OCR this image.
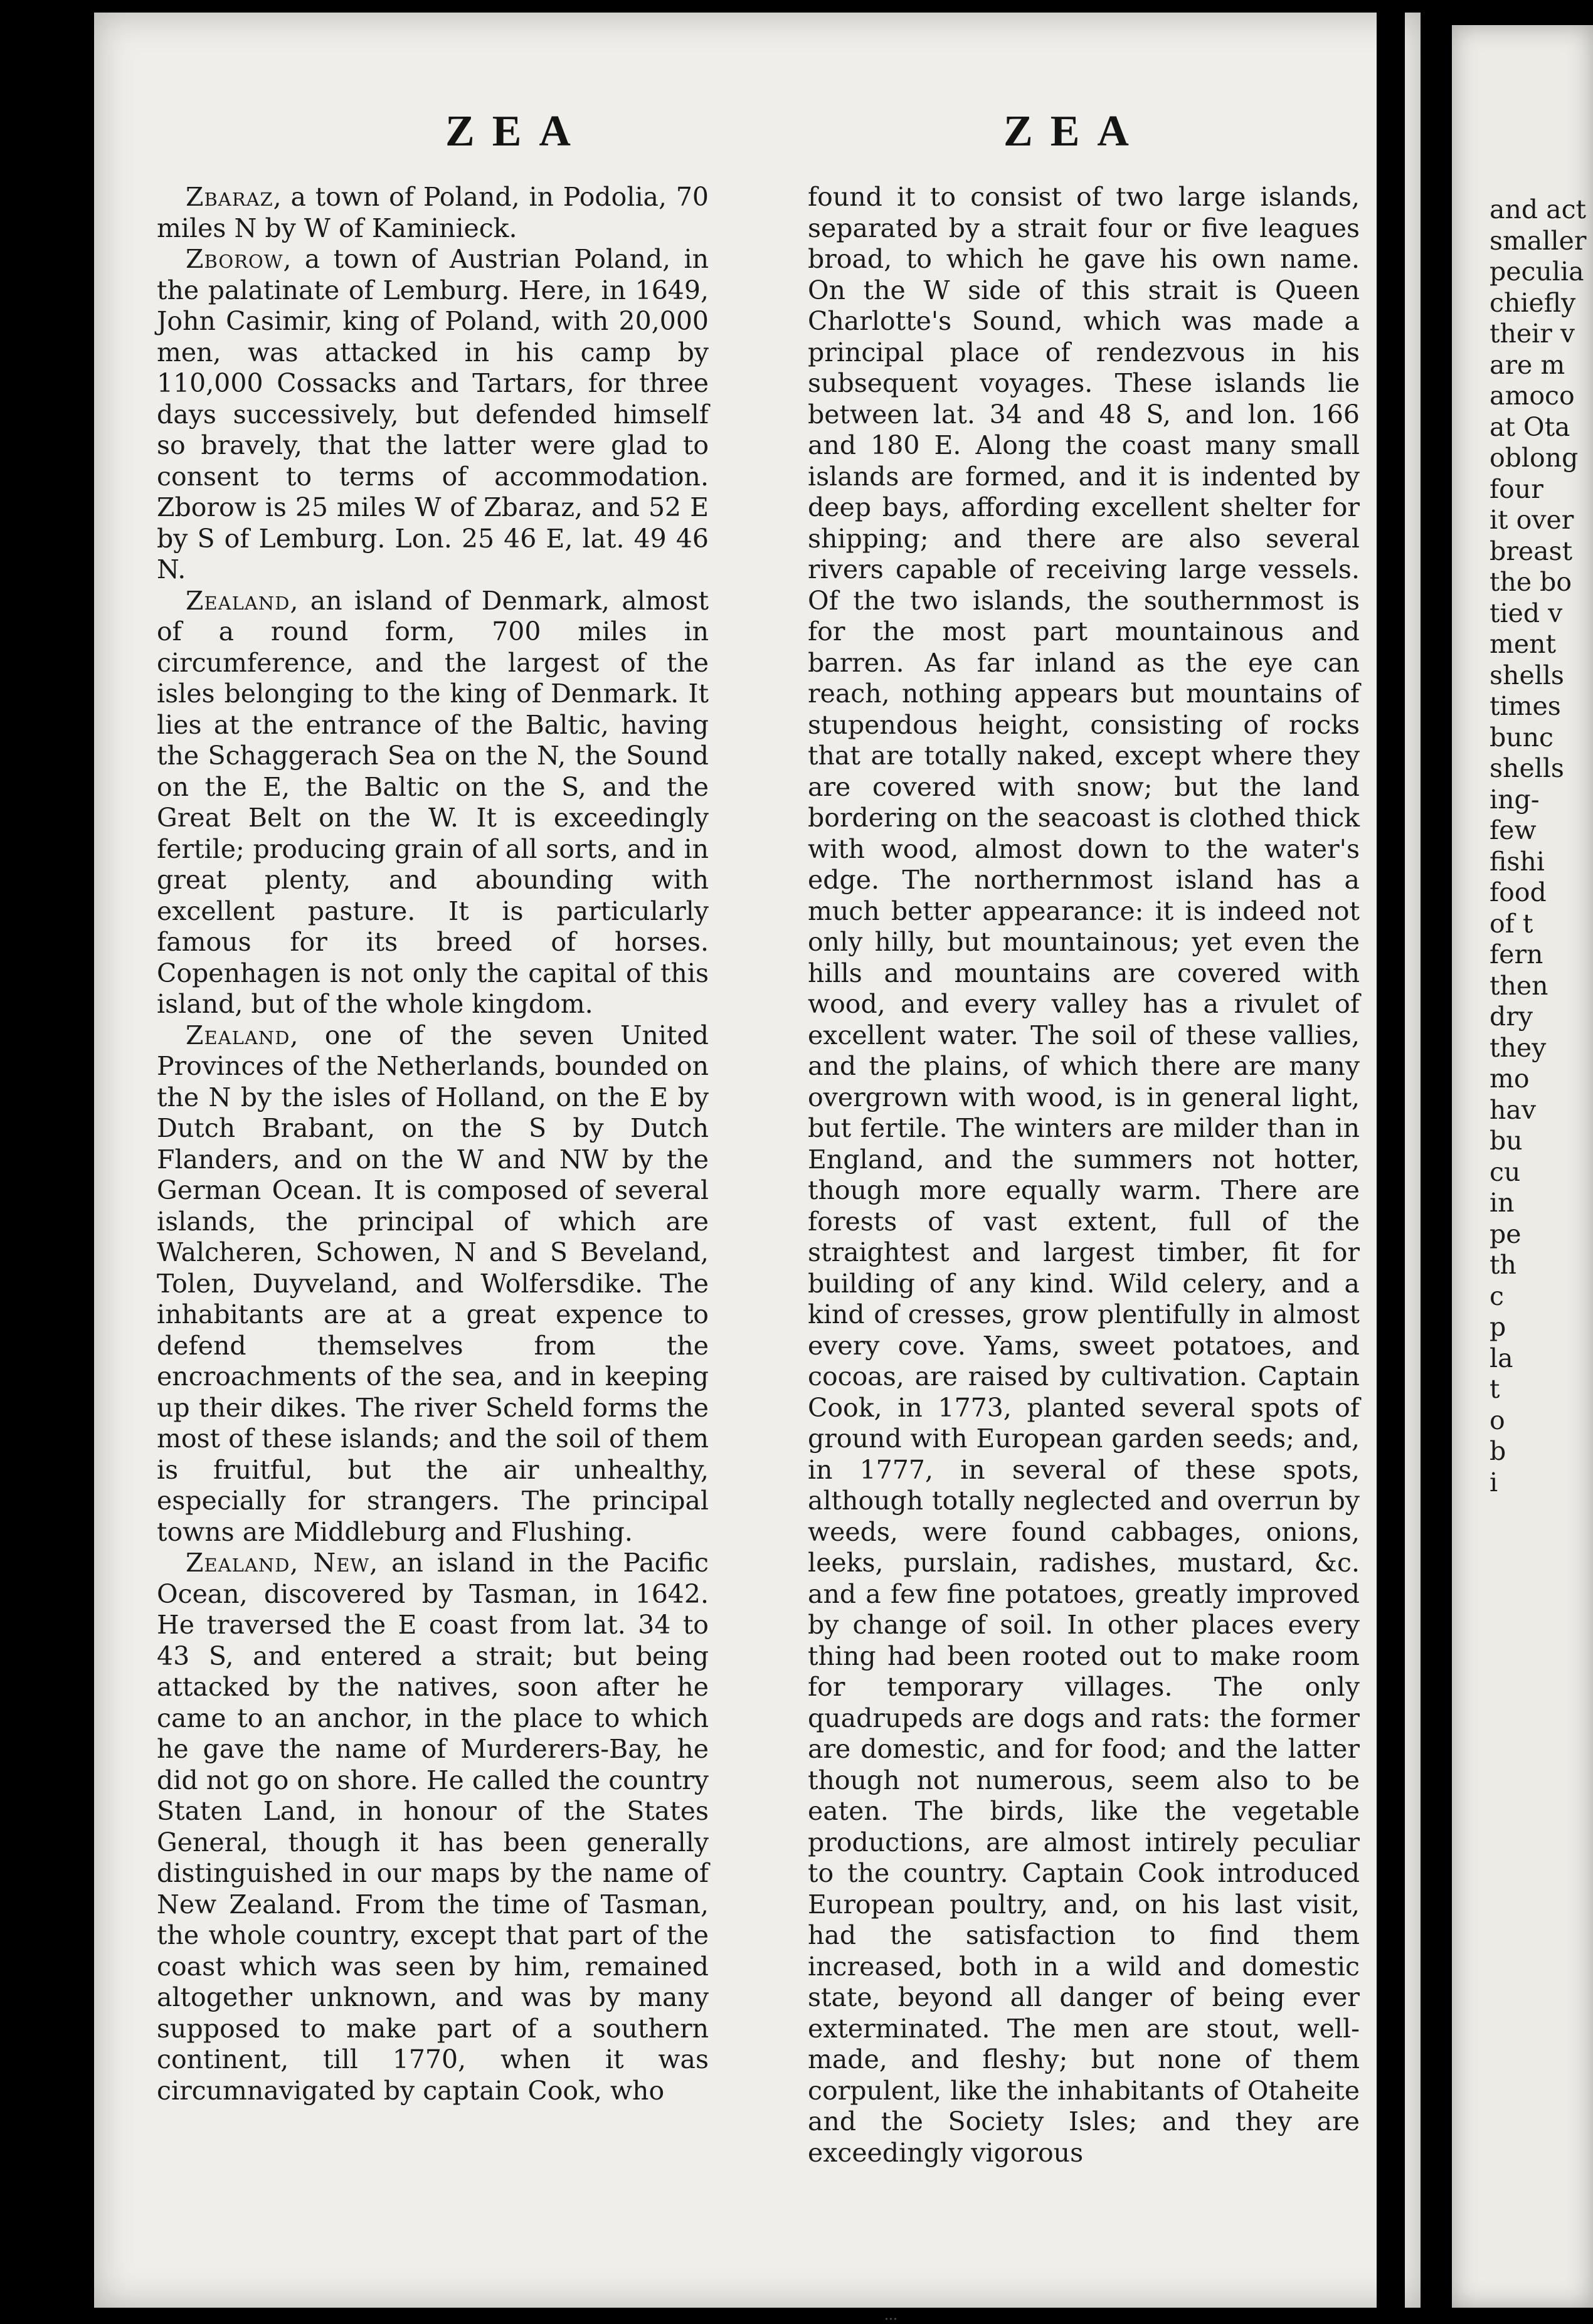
ZEA	ZEA

Zbaraz, a town of Poland, in Podolia, 70 miles N by W of Kaminieck.

Zborow, a town of Austrian Poland, in the palatinate of Lemburg. Here, in 1649, John Casimir, king of Poland, with 20,000 men, was attacked in his camp by 110,000 Cossacks and Tartars, for three days successively, but defended himself so bravely, that the latter were glad to consent to terms of accommodation. Zborow is 25 miles W of Zbaraz, and 52 E by S of Lemburg. Lon. 25 46 E, lat. 49 46 N.

Zealand, an island of Denmark, almost of a round form, 700 miles in circumference, and the largest of the isles belonging to the king of Denmark. It lies at the entrance of the Baltic, having the Schaggerach Sea on the N, the Sound on the E, the Baltic on the S, and the Great Belt on the W. It is exceedingly fertile; producing grain of all sorts, and in great plenty, and abounding with excellent pasture. It is particularly famous for its breed of horses. Copenhagen is not only the capital of this island, but of the whole kingdom.

Zealand, one of the seven United Provinces of the Netherlands, bounded on the N by the isles of Holland, on the E by Dutch Brabant, on the S by Dutch Flanders, and on the W and NW by the German Ocean. It is composed of several islands, the principal of which are Walcheren, Schowen, N and S Beveland, Tolen, Duyveland, and Wolfersdike. The inhabitants are at a great expence to defend themselves from the encroachments of the sea, and in keeping up their dikes. The river Scheld forms the most of these islands; and the soil of them is fruitful, but the air unhealthy, especially for strangers. The principal towns are Middleburg and Flushing.

Zealand, New, an island in the Pacific Ocean, discovered by Tasman, in 1642. He traversed the E coast from lat. 34 to 43 S, and entered a strait; but being attacked by the natives, soon after he came to an anchor, in the place to which he gave the name of Murderers-Bay, he did not go on shore. He called the country Staten Land, in honour of the States General, though it has been generally distinguished in our maps by the name of New Zealand. From the time of Tasman, the whole country, except that part of the coast which was seen by him, remained altogether unknown, and was by many supposed to make part of a southern continent, till 1770, when it was circumnavigated by captain Cook, who

found it to consist of two large islands, separated by a strait four or five leagues broad, to which he gave his own name. On the W side of this strait is Queen Charlotte's Sound, which was made a principal place of rendezvous in his subsequent voyages. These islands lie between lat. 34 and 48 S, and lon. 166 and 180 E. Along the coast many small islands are formed, and it is indented by deep bays, affording excellent shelter for shipping; and there are also several rivers capable of receiving large vessels. Of the two islands, the southernmost is for the most part mountainous and barren. As far inland as the eye can reach, nothing appears but mountains of stupendous height, consisting of rocks that are totally naked, except where they are covered with snow; but the land bordering on the seacoast is clothed thick with wood, almost down to the water's edge. The northernmost island has a much better appearance: it is indeed not only hilly, but mountainous; yet even the hills and mountains are covered with wood, and every valley has a rivulet of excellent water. The soil of these vallies, and the plains, of which there are many overgrown with wood, is in general light, but fertile. The winters are milder than in England, and the summers not hotter, though more equally warm. There are forests of vast extent, full of the straightest and largest timber, fit for building of any kind. Wild celery, and a kind of cresses, grow plentifully in almost every cove. Yams, sweet potatoes, and cocoas, are raised by cultivation. Captain Cook, in 1773, planted several spots of ground with European garden seeds; and, in 1777, in several of these spots, although totally neglected and overrun by weeds, were found cabbages, onions, leeks, purslain, radishes, mustard, &c. and a few fine potatoes, greatly improved by change of soil. In other places every thing had been rooted out to make room for temporary villages. The only quadrupeds are dogs and rats: the former are domestic, and for food; and the latter though not numerous, seem also to be eaten. The birds, like the vegetable productions, are almost intirely peculiar to the country. Captain Cook introduced European poultry, and, on his last visit, had the satisfaction to find them increased, both in a wild and domestic state, beyond all danger of being ever exterminated. The men are stout, well-made, and fleshy; but none of them corpulent, like the inhabitants of Otaheite and the Society Isles; and they are exceedingly vigorous

...
and act
smaller
peculia
chiefly
their v
are m
amoco
at Ota
oblong
four
it over
breast
the bo
tied v
ment
shells
times
bunc
shells
ing-
few
fishi
food
of t
fern
then
dry
they
mo
hav
bu
cu
in
pe
th
c
p
la
t
o
b
i
